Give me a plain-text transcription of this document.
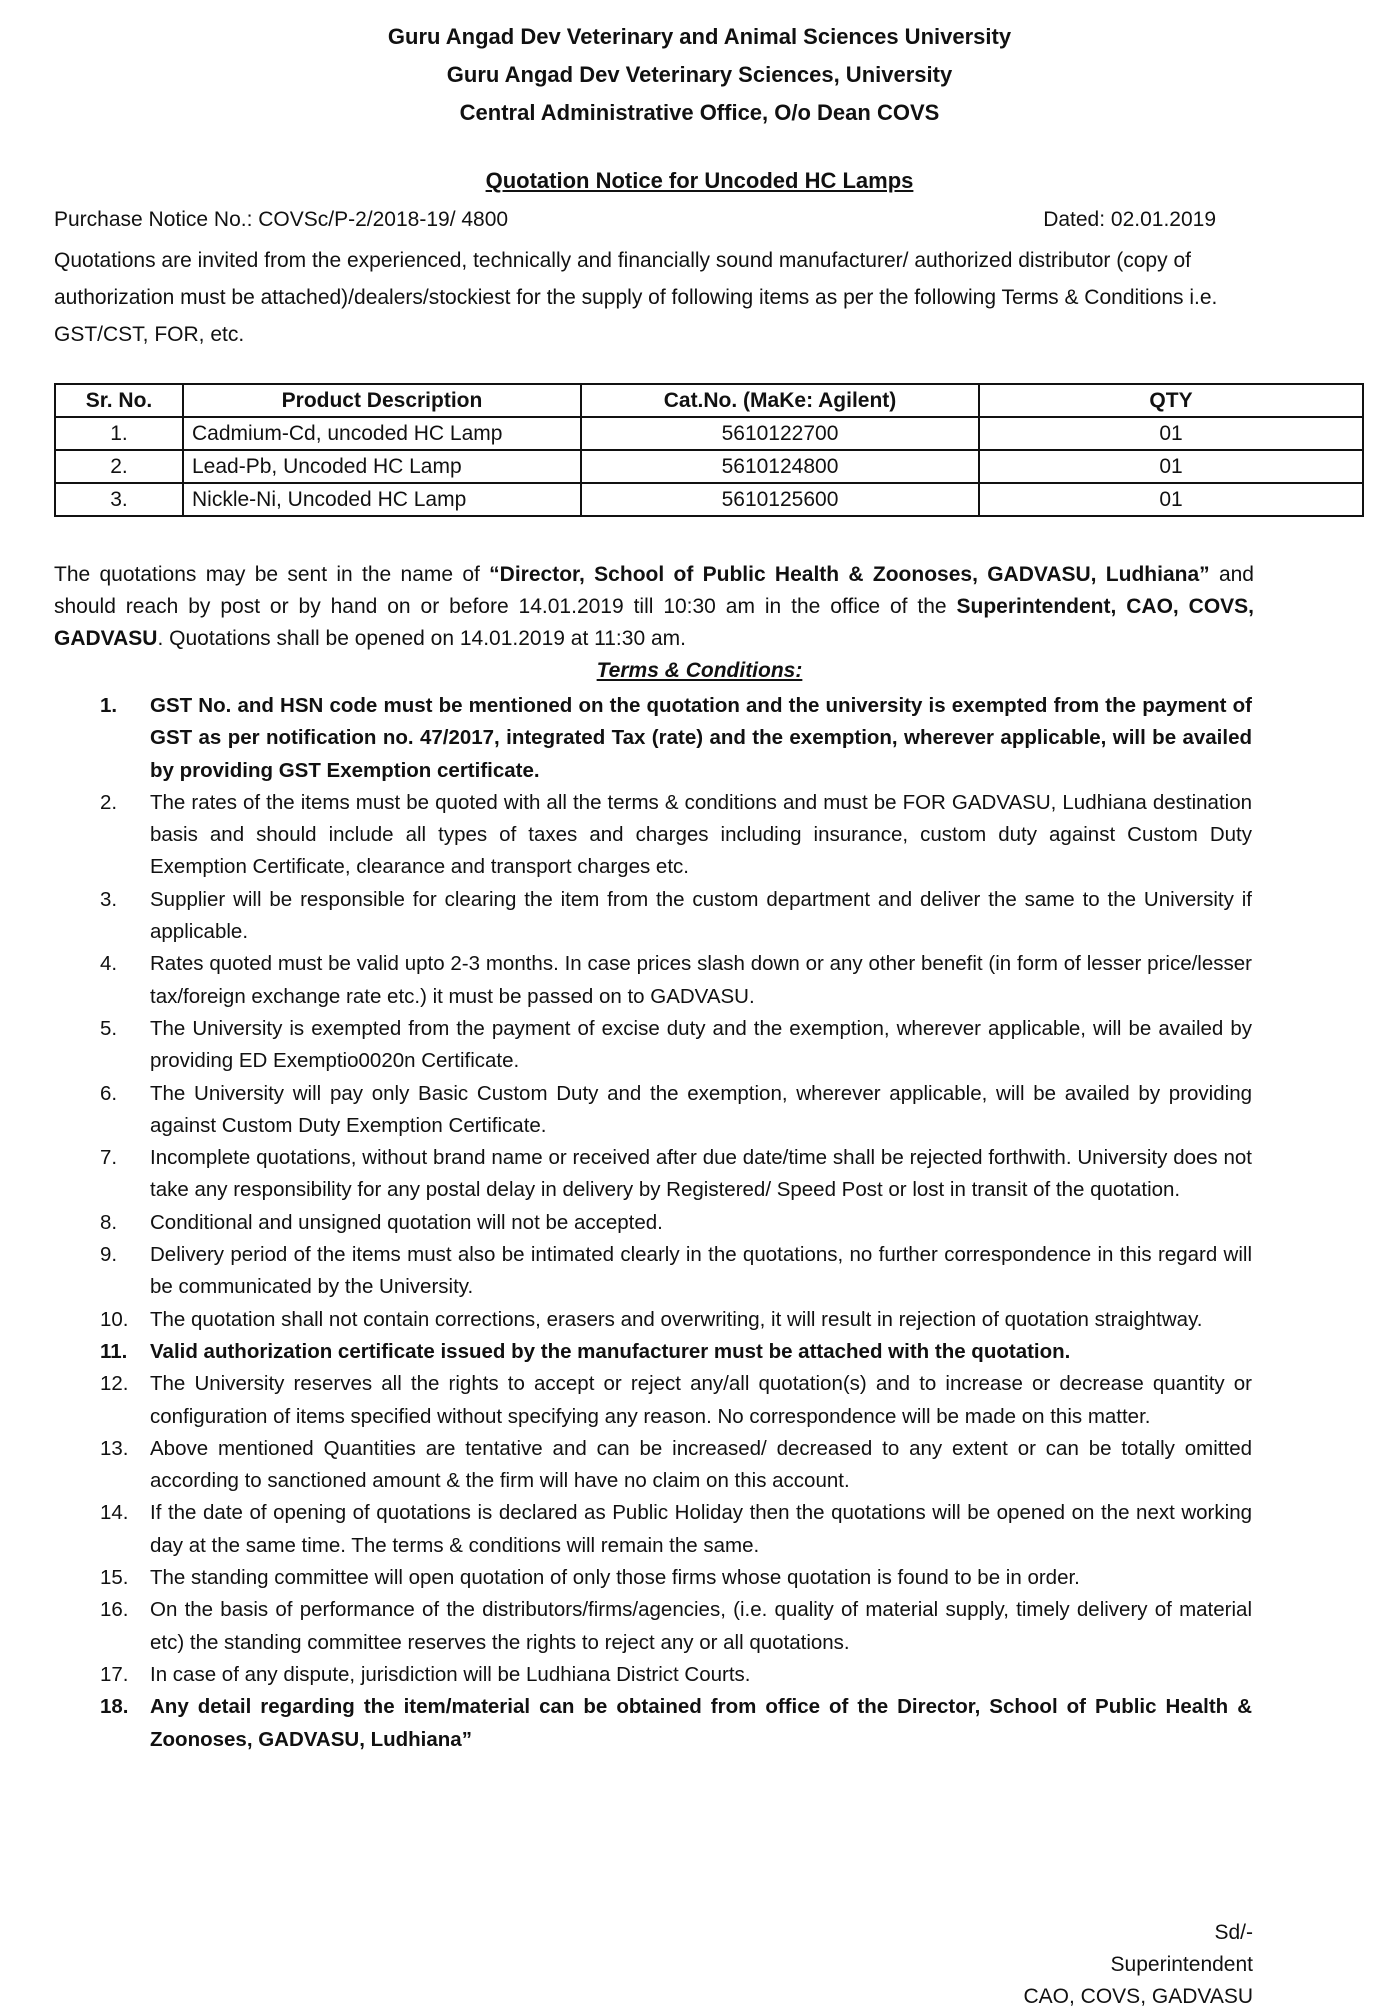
Guru Angad Dev Veterinary and Animal Sciences University
Guru Angad Dev Veterinary Sciences, University
Central Administrative Office, O/o Dean COVS
Quotation Notice for Uncoded HC Lamps
Purchase Notice No.: COVSc/P-2/2018-19/ 4800	Dated: 02.01.2019
Quotations are invited from the experienced, technically and financially sound manufacturer/ authorized distributor (copy of authorization must be attached)/dealers/stockiest for the supply of following items as per the following Terms & Conditions i.e. GST/CST, FOR, etc.
Sr. No.	Product Description	Cat.No. (MaKe: Agilent)	QTY
1.	Cadmium-Cd, uncoded HC Lamp	5610122700	01
2.	Lead-Pb, Uncoded HC Lamp	5610124800	01
3.	Nickle-Ni, Uncoded HC Lamp	5610125600	01
The quotations may be sent in the name of “Director, School of Public Health & Zoonoses, GADVASU, Ludhiana” and should reach by post or by hand on or before 14.01.2019 till 10:30 am in the office of the Superintendent, CAO, COVS, GADVASU. Quotations shall be opened on 14.01.2019 at 11:30 am.
Terms & Conditions:
1.	GST No. and HSN code must be mentioned on the quotation and the university is exempted from the payment of GST as per notification no. 47/2017, integrated Tax (rate) and the exemption, wherever applicable, will be availed by providing GST Exemption certificate.
2.	The rates of the items must be quoted with all the terms & conditions and must be FOR GADVASU, Ludhiana destination basis and should include all types of taxes and charges including insurance, custom duty against Custom Duty Exemption Certificate, clearance and transport charges etc.
3.	Supplier will be responsible for clearing the item from the custom department and deliver the same to the University if applicable.
4.	Rates quoted must be valid upto 2-3 months. In case prices slash down or any other benefit (in form of lesser price/lesser tax/foreign exchange rate etc.) it must be passed on to GADVASU.
5.	The University is exempted from the payment of excise duty and the exemption, wherever applicable, will be availed by providing ED Exemptio0020n Certificate.
6.	The University will pay only Basic Custom Duty and the exemption, wherever applicable, will be availed by providing against Custom Duty Exemption Certificate.
7.	Incomplete quotations, without brand name or received after due date/time shall be rejected forthwith. University does not take any responsibility for any postal delay in delivery by Registered/ Speed Post or lost in transit of the quotation.
8.	Conditional and unsigned quotation will not be accepted.
9.	Delivery period of the items must also be intimated clearly in the quotations, no further correspondence in this regard will be communicated by the University.
10.	The quotation shall not contain corrections, erasers and overwriting, it will result in rejection of quotation straightway.
11.	Valid authorization certificate issued by the manufacturer must be attached with the quotation.
12.	The University reserves all the rights to accept or reject any/all quotation(s) and to increase or decrease quantity or configuration of items specified without specifying any reason. No correspondence will be made on this matter.
13.	Above mentioned Quantities are tentative and can be increased/ decreased to any extent or can be totally omitted according to sanctioned amount & the firm will have no claim on this account.
14.	If the date of opening of quotations is declared as Public Holiday then the quotations will be opened on the next working day at the same time. The terms & conditions will remain the same.
15.	The standing committee will open quotation of only those firms whose quotation is found to be in order.
16.	On the basis of performance of the distributors/firms/agencies, (i.e. quality of material supply, timely delivery of material etc) the standing committee reserves the rights to reject any or all quotations.
17.	In case of any dispute, jurisdiction will be Ludhiana District Courts.
18.	Any detail regarding the item/material can be obtained from office of the Director, School of Public Health & Zoonoses, GADVASU, Ludhiana”
Sd/-
Superintendent
CAO, COVS, GADVASU
